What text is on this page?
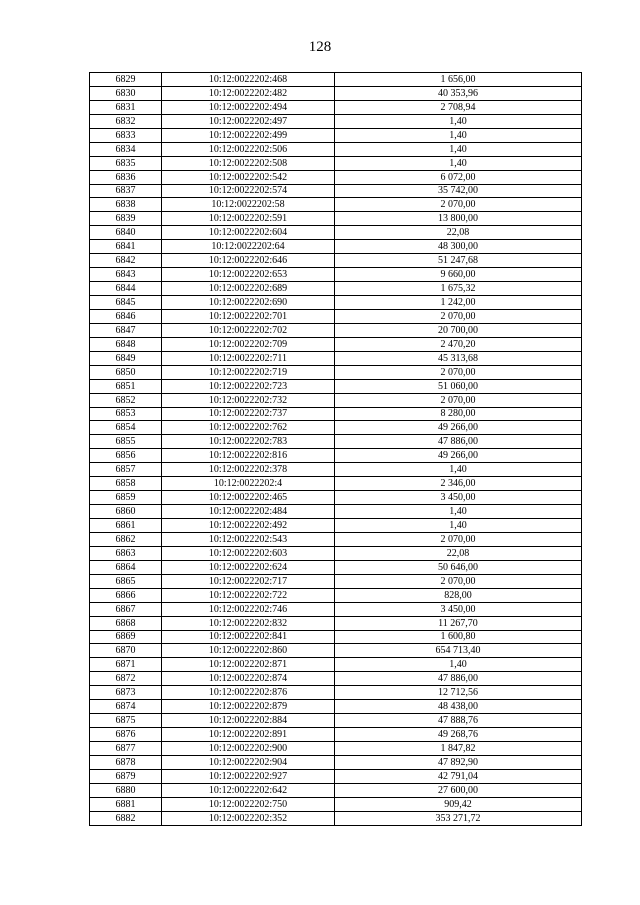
128
6829	10:12:0022202:468	1 656,00
6830	10:12:0022202:482	40 353,96
6831	10:12:0022202:494	2 708,94
6832	10:12:0022202:497	1,40
6833	10:12:0022202:499	1,40
6834	10:12:0022202:506	1,40
6835	10:12:0022202:508	1,40
6836	10:12:0022202:542	6 072,00
6837	10:12:0022202:574	35 742,00
6838	10:12:0022202:58	2 070,00
6839	10:12:0022202:591	13 800,00
6840	10:12:0022202:604	22,08
6841	10:12:0022202:64	48 300,00
6842	10:12:0022202:646	51 247,68
6843	10:12:0022202:653	9 660,00
6844	10:12:0022202:689	1 675,32
6845	10:12:0022202:690	1 242,00
6846	10:12:0022202:701	2 070,00
6847	10:12:0022202:702	20 700,00
6848	10:12:0022202:709	2 470,20
6849	10:12:0022202:711	45 313,68
6850	10:12:0022202:719	2 070,00
6851	10:12:0022202:723	51 060,00
6852	10:12:0022202:732	2 070,00
6853	10:12:0022202:737	8 280,00
6854	10:12:0022202:762	49 266,00
6855	10:12:0022202:783	47 886,00
6856	10:12:0022202:816	49 266,00
6857	10:12:0022202:378	1,40
6858	10:12:0022202:4	2 346,00
6859	10:12:0022202:465	3 450,00
6860	10:12:0022202:484	1,40
6861	10:12:0022202:492	1,40
6862	10:12:0022202:543	2 070,00
6863	10:12:0022202:603	22,08
6864	10:12:0022202:624	50 646,00
6865	10:12:0022202:717	2 070,00
6866	10:12:0022202:722	828,00
6867	10:12:0022202:746	3 450,00
6868	10:12:0022202:832	11 267,70
6869	10:12:0022202:841	1 600,80
6870	10:12:0022202:860	654 713,40
6871	10:12:0022202:871	1,40
6872	10:12:0022202:874	47 886,00
6873	10:12:0022202:876	12 712,56
6874	10:12:0022202:879	48 438,00
6875	10:12:0022202:884	47 888,76
6876	10:12:0022202:891	49 268,76
6877	10:12:0022202:900	1 847,82
6878	10:12:0022202:904	47 892,90
6879	10:12:0022202:927	42 791,04
6880	10:12:0022202:642	27 600,00
6881	10:12:0022202:750	909,42
6882	10:12:0022202:352	353 271,72
